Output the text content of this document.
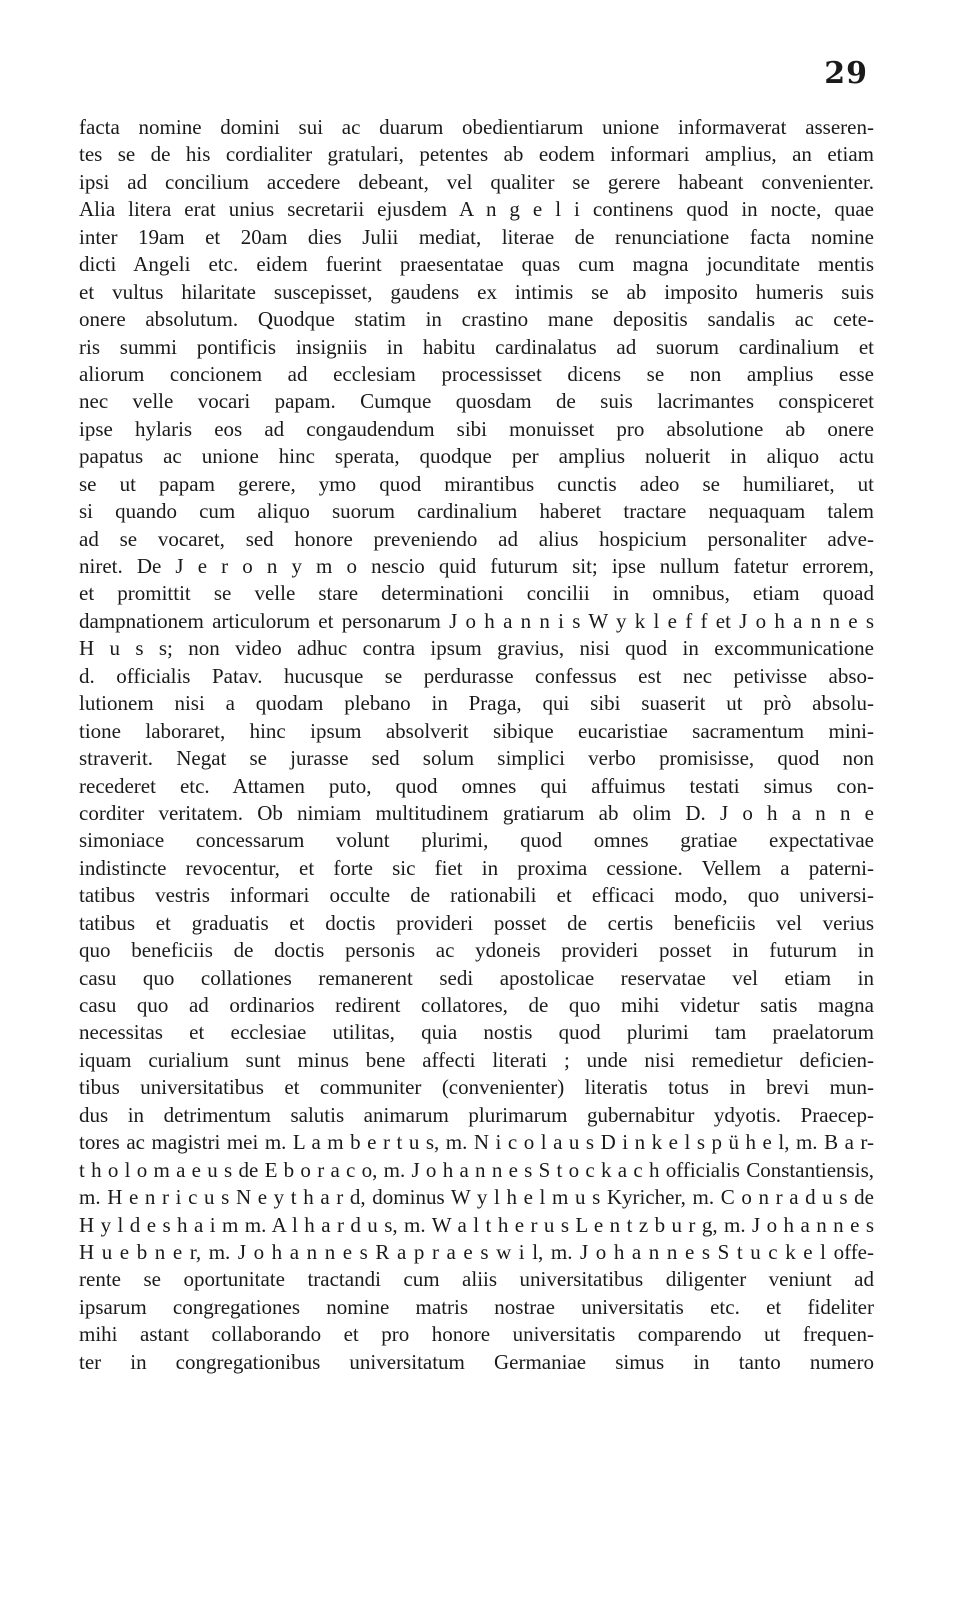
29
facta nomine domini sui ac duarum obedientiarum unione informaverat asseren-
tes se de his cordialiter gratulari, petentes ab eodem informari amplius, an etiam
ipsi ad concilium accedere debeant, vel qualiter se gerere habeant convenienter.
Alia litera erat unius secretarii ejusdem A n g e l i continens quod in nocte, quae
inter 19am et 20am dies Julii mediat, literae de renunciatione facta nomine
dicti Angeli etc. eidem fuerint praesentatae quas cum magna jocunditate mentis
et vultus hilaritate suscepisset, gaudens ex intimis se ab imposito humeris suis
onere absolutum. Quodque statim in crastino mane depositis sandalis ac cete-
ris summi pontificis insigniis in habitu cardinalatus ad suorum cardinalium et
aliorum concionem ad ecclesiam processisset dicens se non amplius esse
nec velle vocari papam. Cumque quosdam de suis lacrimantes conspiceret
ipse hylaris eos ad congaudendum sibi monuisset pro absolutione ab onere
papatus ac unione hinc sperata, quodque per amplius noluerit in aliquo actu
se ut papam gerere, ymo quod mirantibus cunctis adeo se humiliaret, ut
si quando cum aliquo suorum cardinalium haberet tractare nequaquam talem
ad se vocaret, sed honore preveniendo ad alius hospicium personaliter adve-
niret. De J e r o n y m o nescio quid futurum sit; ipse nullum fatetur errorem,
et promittit se velle stare determinationi concilii in omnibus, etiam quoad
dampnationem articulorum et personarum J o h a n n i s W y k l e f f et J o h a n n e s
H u s s; non video adhuc contra ipsum gravius, nisi quod in excommunicatione
d. officialis Patav. hucusque se perdurasse confessus est nec petivisse abso-
lutionem nisi a quodam plebano in Praga, qui sibi suaserit ut prò absolu-
tione laboraret, hinc ipsum absolverit sibique eucaristiae sacramentum mini-
straverit. Negat se jurasse sed solum simplici verbo promisisse, quod non
recederet etc. Attamen puto, quod omnes qui affuimus testati simus con-
corditer veritatem. Ob nimiam multitudinem gratiarum ab olim D. J o h a n n e
simoniace concessarum volunt plurimi, quod omnes gratiae expectativae
indistincte revocentur, et forte sic fiet in proxima cessione. Vellem a paterni-
tatibus vestris informari occulte de rationabili et efficaci modo, quo universi-
tatibus et graduatis et doctis provideri posset de certis beneficiis vel verius
quo beneficiis de doctis personis ac ydoneis provideri posset in futurum in
casu quo collationes remanerent sedi apostolicae reservatae vel etiam in
casu quo ad ordinarios redirent collatores, de quo mihi videtur satis magna
necessitas et ecclesiae utilitas, quia nostis quod plurimi tam praelatorum
iquam curialium sunt minus bene affecti literati ; unde nisi remedietur deficien-
tibus universitatibus et communiter (convenienter) literatis totus in brevi mun-
dus in detrimentum salutis animarum plurimarum gubernabitur ydyotis. Praecep-
tores ac magistri mei m. L a m b e r t u s, m. N i c o l a u s D i n k e l s p ü h e l, m. B a r-
t h o l o m a e u s de E b o r a c o, m. J o h a n n e s S t o c k a c h officialis Constantiensis,
m. H e n r i c u s N e y t h a r d, dominus W y l h e l m u s Kyricher, m. C o n r a d u s de
H y l d e s h a i m m. A l h a r d u s, m. W a l t h e r u s L e n t z b u r g, m. J o h a n n e s
H u e b n e r, m. J o h a n n e s R a p r a e s w i l, m. J o h a n n e s S t u c k e l offe-
rente se oportunitate tractandi cum aliis universitatibus diligenter veniunt ad
ipsarum congregationes nomine matris nostrae universitatis etc. et fideliter
mihi astant collaborando et pro honore universitatis comparendo ut frequen-
ter in congregationibus universitatum Germaniae simus in tanto numero
